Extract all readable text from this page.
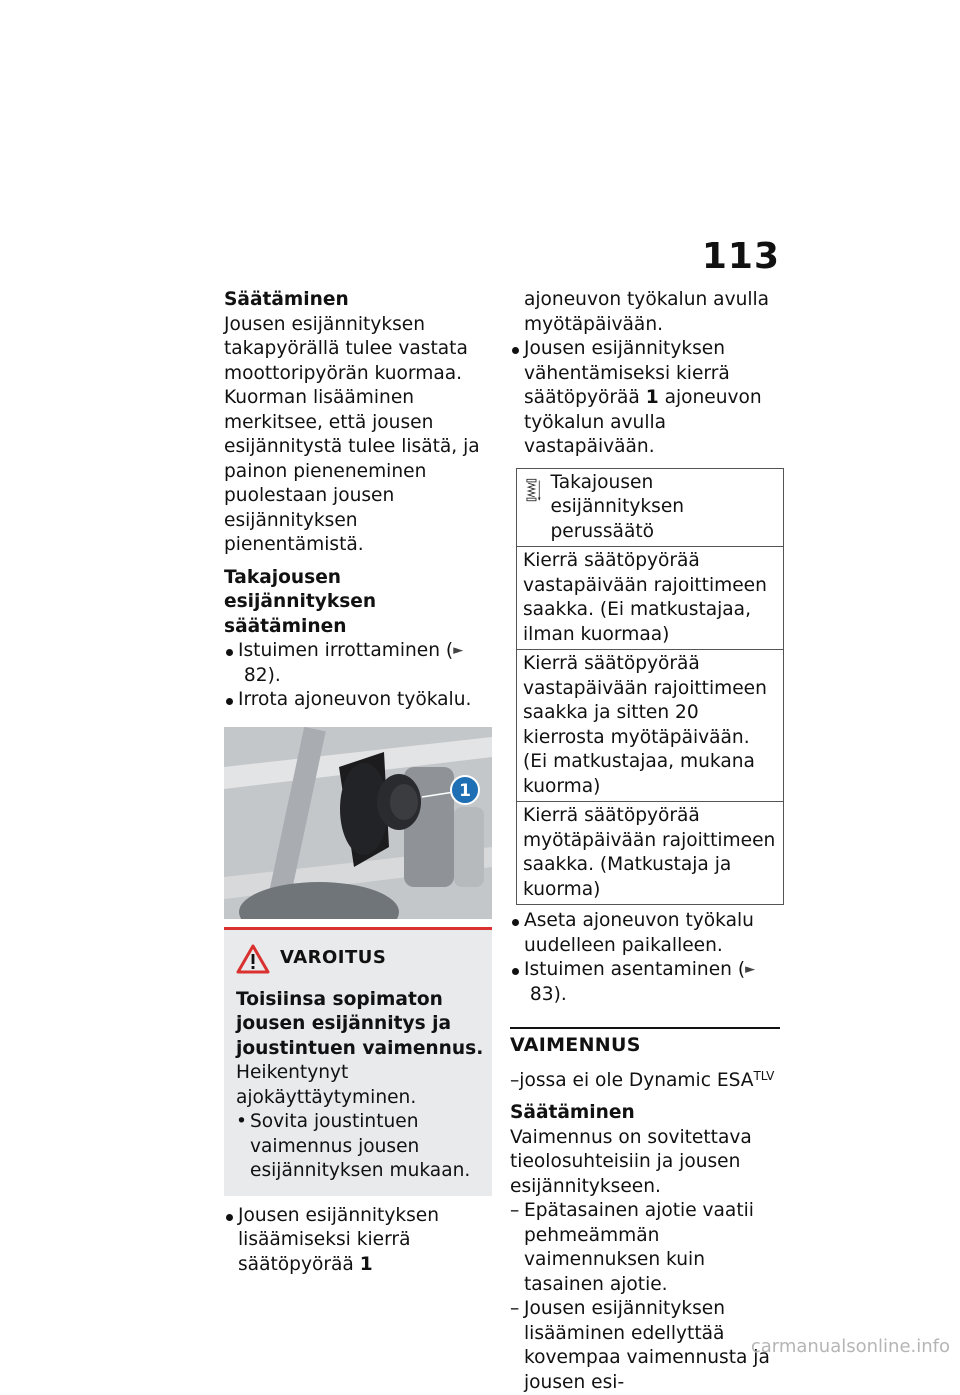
113

Säätäminen

Jousen esijännityksen takapyörällä tulee vastata moottoripyörän kuormaa. Kuorman lisääminen merkitsee, että jousen esijännitystä tulee lisätä, ja painon pieneneminen puolestaan jousen esijännityksen pienentämistä.

Takajousen esijännityksen säätäminen

Istuimen irrottaminen (► 82).
Irrota ajoneuvon työkalu.
1
VAROITUS

Toisiinsa sopimaton jousen esijännitys ja joustintuen vaimennus.

Heikentynyt ajokäyttäytyminen.

• Sovita joustintuen vaimennus jousen esijännityksen mukaan.
Jousen esijännityksen lisäämiseksi kierrä säätöpyörää 1

ajoneuvon työkalun avulla myötäpäivään.

Jousen esijännityksen vähentämiseksi kierrä säätöpyörää 1 ajoneuvon työkalun avulla vastapäivään.
Takajousen esijännityksen perussäätö

Kierrä säätöpyörää vastapäivään rajoittimeen saakka. (Ei matkustajaa, ilman kuormaa)
Kierrä säätöpyörää vastapäivään rajoittimeen saakka ja sitten 20 kierrosta myötäpäivään. (Ei matkustajaa, mukana kuorma)
Kierrä säätöpyörää myötäpäivään rajoittimeen saakka. (Matkustaja ja kuorma)
Aseta ajoneuvon työkalu uudelleen paikalleen.
Istuimen asentaminen (► 83).
VAIMENNUS

–jossa ei ole Dynamic $ESA^{TLV}$

Säätäminen

Vaimennus on sovitettava tieolosuhteisiin ja jousen esijännitykseen.

– Epätasainen ajotie vaatii pehmeämmän vaimennuksen kuin tasainen ajotie.
– Jousen esijännityksen lisääminen edellyttää kovempaa vaimennusta ja jousen esi-
carmanualsonline.info
